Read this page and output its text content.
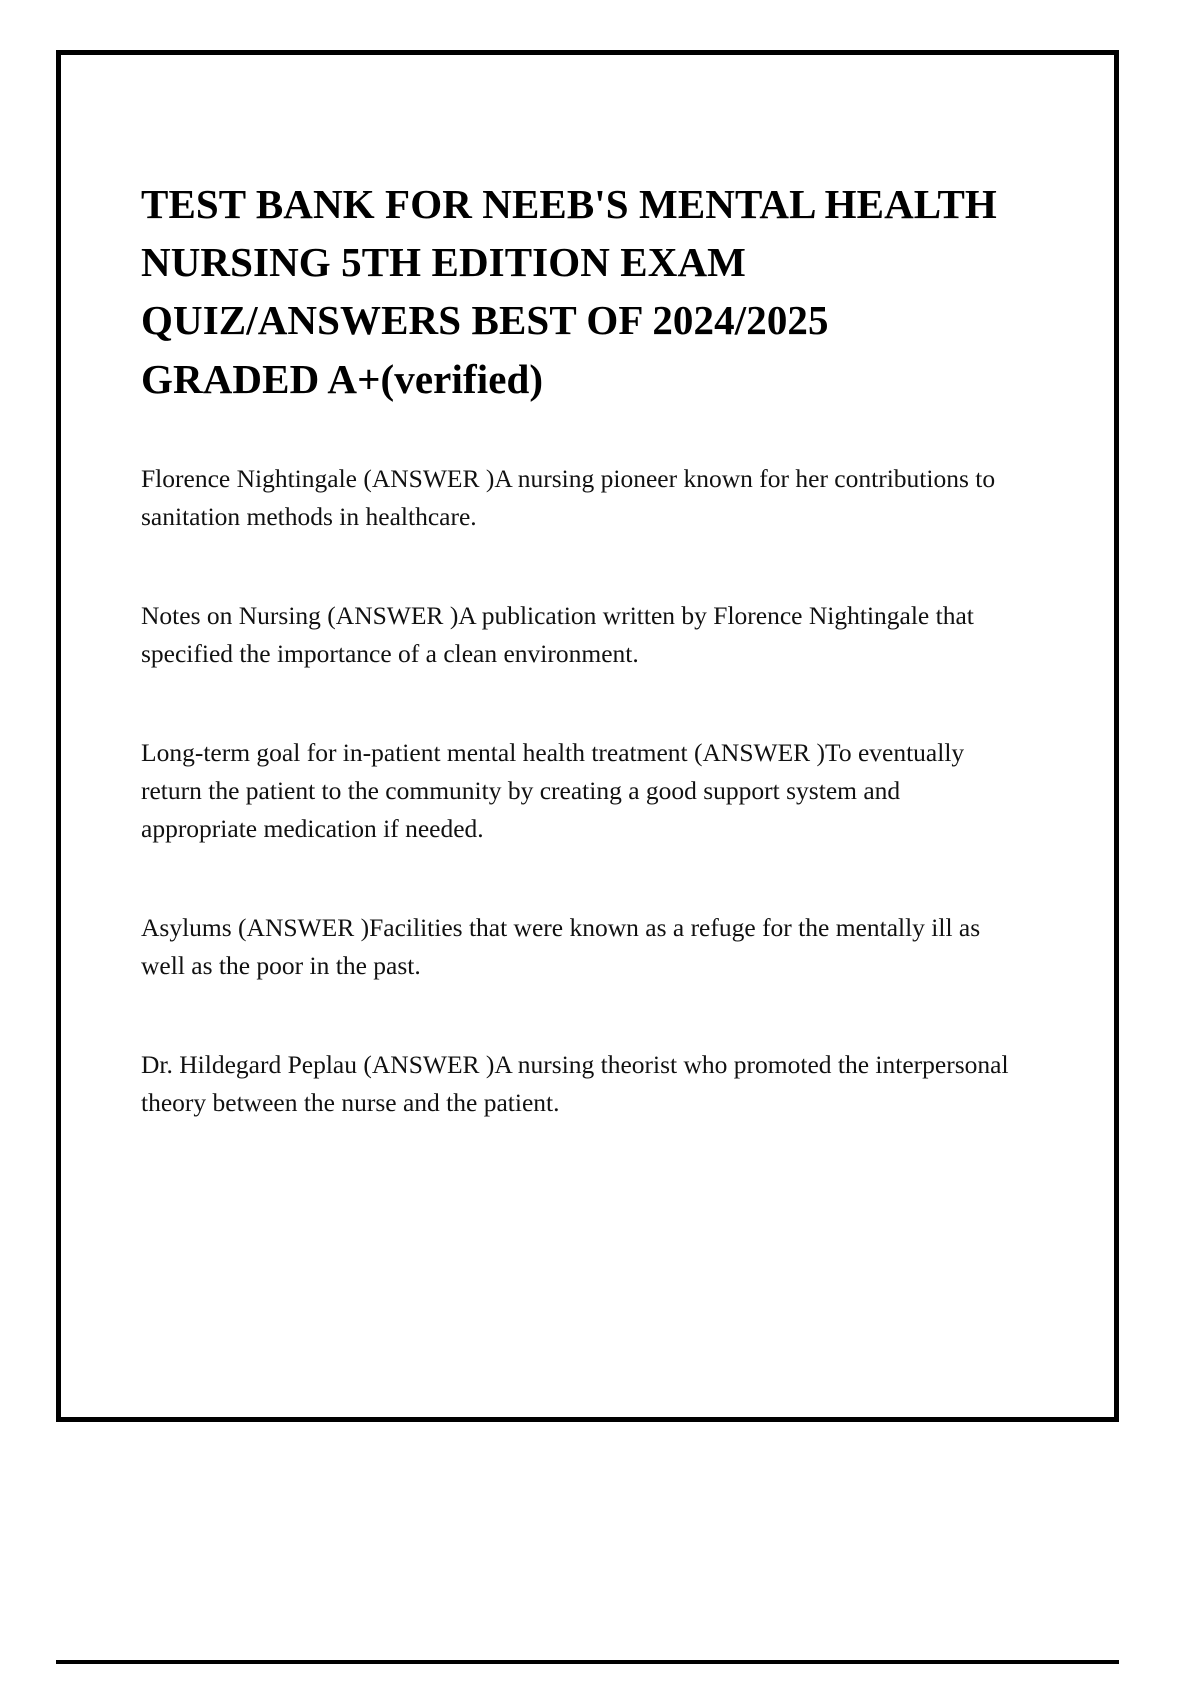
TEST BANK FOR NEEB'S MENTAL HEALTH NURSING 5TH EDITION EXAM QUIZ/ANSWERS BEST OF 2024/2025 GRADED A+(verified)

Florence Nightingale (ANSWER )A nursing pioneer known for her contributions to sanitation methods in healthcare.

Notes on Nursing (ANSWER )A publication written by Florence Nightingale that specified the importance of a clean environment.

Long-term goal for in-patient mental health treatment (ANSWER )To eventually return the patient to the community by creating a good support system and appropriate medication if needed.

Asylums (ANSWER )Facilities that were known as a refuge for the mentally ill as well as the poor in the past.

Dr. Hildegard Peplau (ANSWER )A nursing theorist who promoted the interpersonal theory between the nurse and the patient.
